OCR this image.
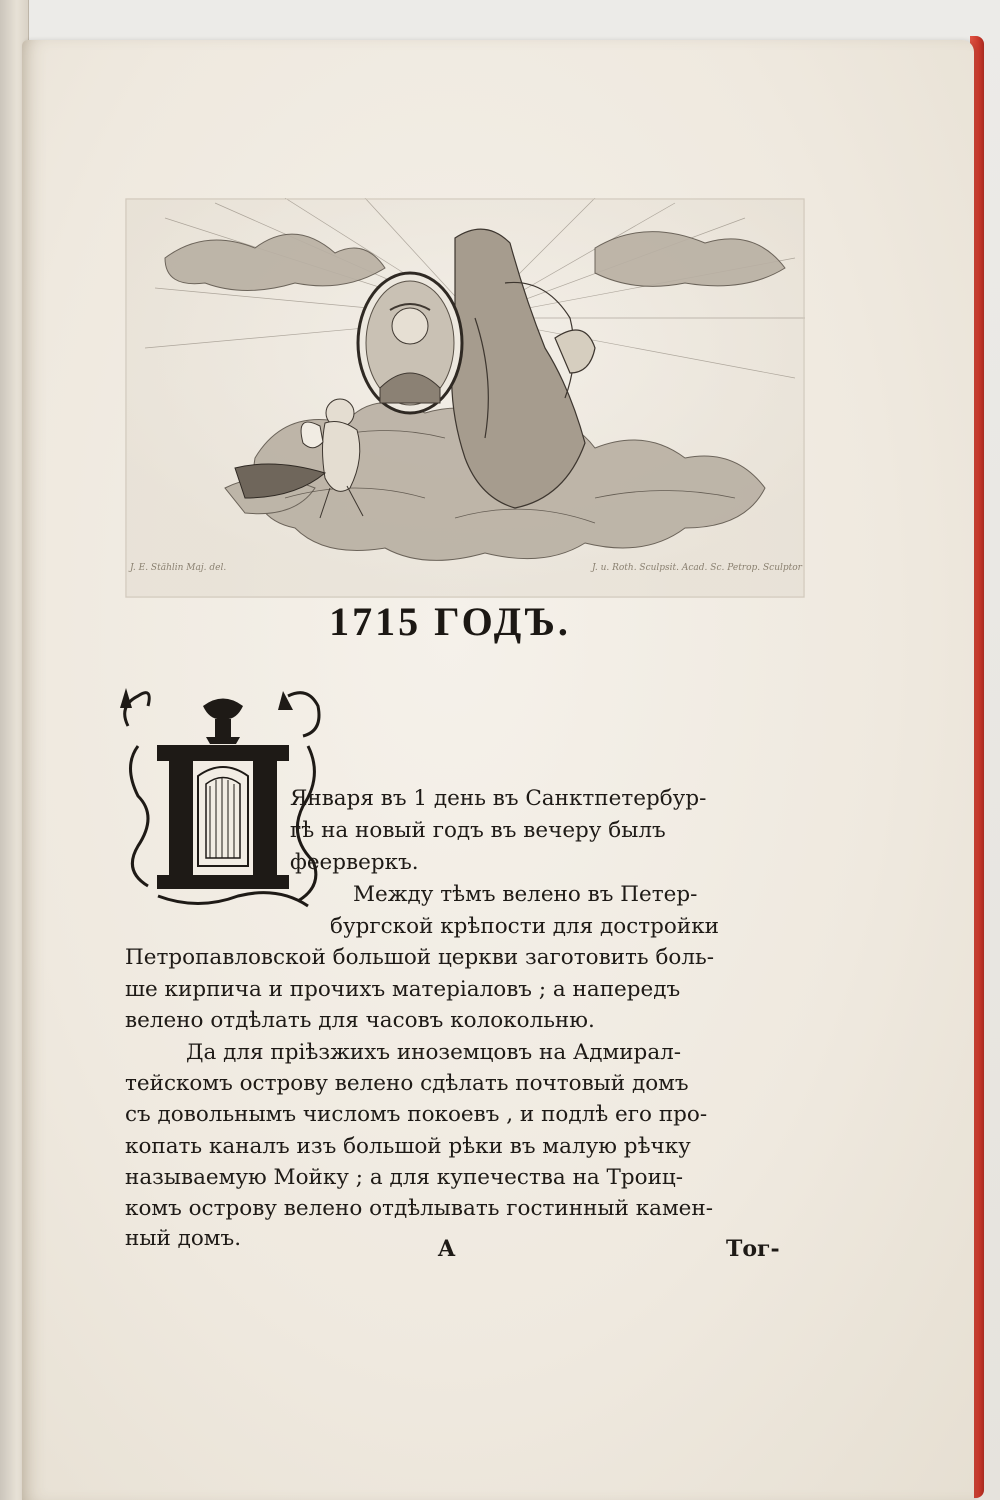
J. E. Stählin Maj. del.	J. u. Roth. Sculpsit. Acad. Sc. Petrop. Sculptor
1715 ГОДЪ.
Января въ 1 день въ Санктпетербур-
гѣ на новый годъ въ вечеру былъ
феерверкъ.
Между тѣмъ велено въ Петер-
бургской крѣпости для достройки
Петропавловской большой церкви заготовить боль-
ше кирпича и прочихъ матеріаловъ ; а напередъ
велено отдѣлать для часовъ колокольню.
Да для пріѣзжихъ иноземцовъ на Адмирал-
тейскомъ острову велено сдѣлать почтовый домъ
съ довольнымъ числомъ покоевъ , и подлѣ его про-
копать каналъ изъ большой рѣки въ малую рѣчку
называемую Мойку ; а для купечества на Троиц-
комъ острову велено отдѣлывать гостинный камен-
ный домъ.	A	Тог-
